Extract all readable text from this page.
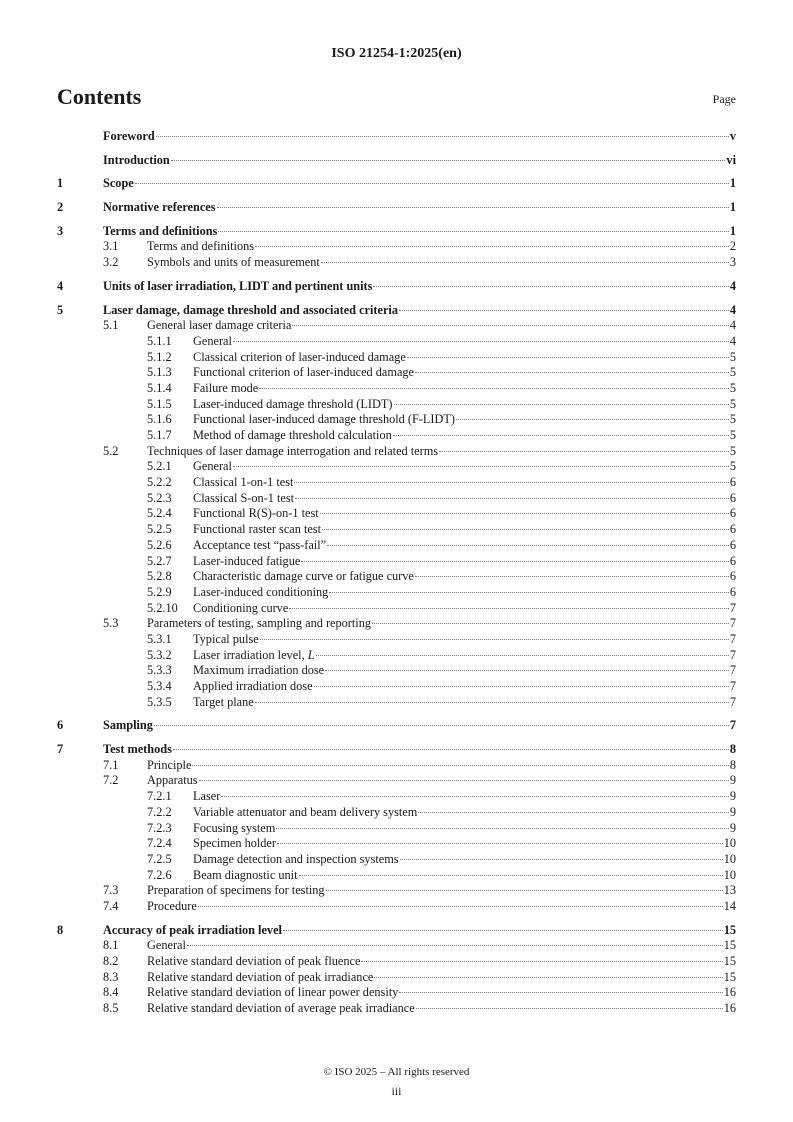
ISO 21254-1:2025(en)
Contents	Page
Foreword	v
Introduction	vi
1	Scope	1
2	Normative references	1
3	Terms and definitions	1
3.1	Terms and definitions	2
3.2	Symbols and units of measurement	3
4	Units of laser irradiation, LIDT and pertinent units	4
5	Laser damage, damage threshold and associated criteria	4
5.1	General laser damage criteria	4
5.1.1	General	4
5.1.2	Classical criterion of laser-induced damage	5
5.1.3	Functional criterion of laser-induced damage	5
5.1.4	Failure mode	5
5.1.5	Laser-induced damage threshold (LIDT)	5
5.1.6	Functional laser-induced damage threshold (F-LIDT)	5
5.1.7	Method of damage threshold calculation	5
5.2	Techniques of laser damage interrogation and related terms	5
5.2.1	General	5
5.2.2	Classical 1-on-1 test	6
5.2.3	Classical S-on-1 test	6
5.2.4	Functional R(S)-on-1 test	6
5.2.5	Functional raster scan test	6
5.2.6	Acceptance test “pass-fail”	6
5.2.7	Laser-induced fatigue	6
5.2.8	Characteristic damage curve or fatigue curve	6
5.2.9	Laser-induced conditioning	6
5.2.10	Conditioning curve	7
5.3	Parameters of testing, sampling and reporting	7
5.3.1	Typical pulse	7
5.3.2	Laser irradiation level, L	7
5.3.3	Maximum irradiation dose	7
5.3.4	Applied irradiation dose	7
5.3.5	Target plane	7
6	Sampling	7
7	Test methods	8
7.1	Principle	8
7.2	Apparatus	9
7.2.1	Laser	9
7.2.2	Variable attenuator and beam delivery system	9
7.2.3	Focusing system	9
7.2.4	Specimen holder	10
7.2.5	Damage detection and inspection systems	10
7.2.6	Beam diagnostic unit	10
7.3	Preparation of specimens for testing	13
7.4	Procedure	14
8	Accuracy of peak irradiation level	15
8.1	General	15
8.2	Relative standard deviation of peak fluence	15
8.3	Relative standard deviation of peak irradiance	15
8.4	Relative standard deviation of linear power density	16
8.5	Relative standard deviation of average peak irradiance	16
© ISO 2025 – All rights reserved
iii
